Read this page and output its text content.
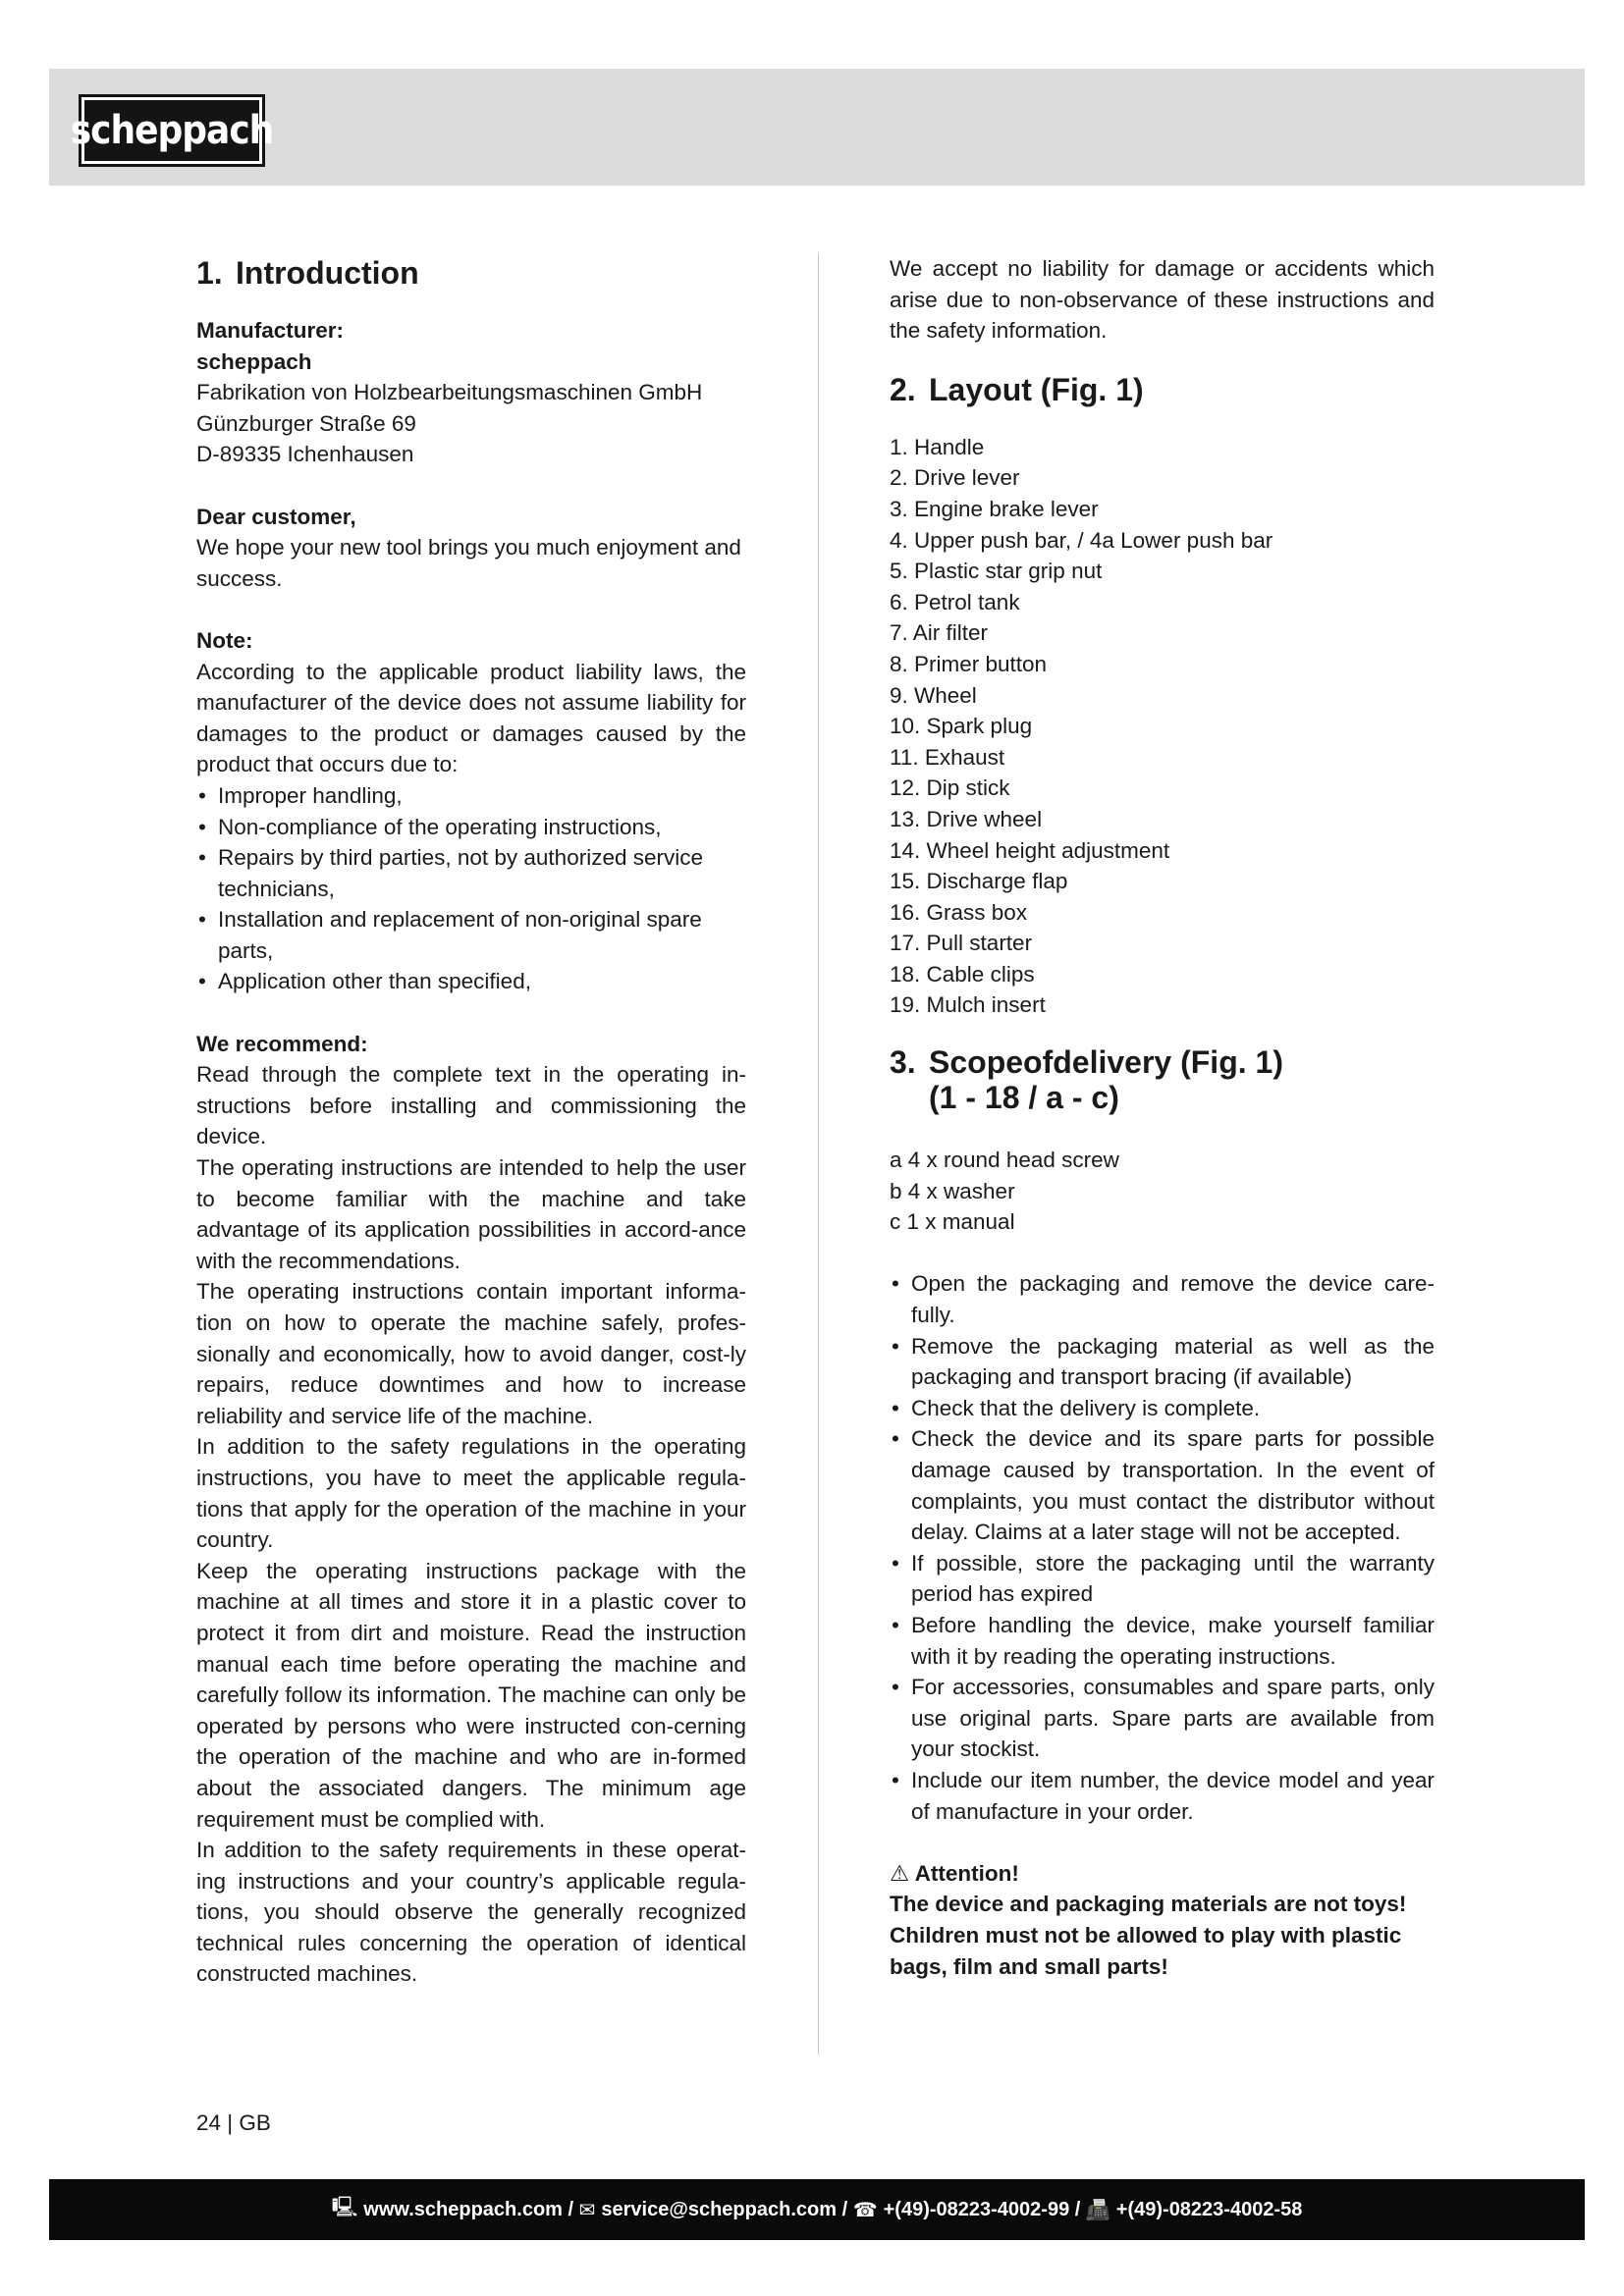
scheppach
1. Introduction

Manufacturer:

scheppach

Fabrikation von Holzbearbeitungsmaschinen GmbH

Günzburger Straße 69

D-89335 Ichenhausen

Dear customer,

We hope your new tool brings you much enjoyment and success.

Note:

According to the applicable product liability laws, the manufacturer of the device does not assume liability for damages to the product or damages caused by the product that occurs due to:

• Improper handling,
• Non-compliance of the operating instructions,
• Repairs by third parties, not by authorized service technicians,
• Installation and replacement of non-original spare parts,
• Application other than specified,

We recommend:

Read through the complete text in the operating in-structions before installing and commissioning the device.

The operating instructions are intended to help the user to become familiar with the machine and take advantage of its application possibilities in accord-ance with the recommendations.

The operating instructions contain important informa-tion on how to operate the machine safely, profes-sionally and economically, how to avoid danger, cost-ly repairs, reduce downtimes and how to increase reliability and service life of the machine.

In addition to the safety regulations in the operating instructions, you have to meet the applicable regula-tions that apply for the operation of the machine in your country.

Keep the operating instructions package with the machine at all times and store it in a plastic cover to protect it from dirt and moisture. Read the instruction manual each time before operating the machine and carefully follow its information. The machine can only be operated by persons who were instructed con-cerning the operation of the machine and who are in-formed about the associated dangers. The minimum age requirement must be complied with.

In addition to the safety requirements in these operat-ing instructions and your country’s applicable regula-tions, you should observe the generally recognized technical rules concerning the operation of identical constructed machines.

We accept no liability for damage or accidents which arise due to non-observance of these instructions and the safety information.

2. Layout (Fig. 1)
1. Handle
2. Drive lever
3. Engine brake lever
4. Upper push bar, / 4a Lower push bar
5. Plastic star grip nut
6. Petrol tank
7. Air filter
8. Primer button
9. Wheel
10. Spark plug
11. Exhaust
12. Dip stick
13. Drive wheel
14. Wheel height adjustment
15. Discharge flap
16. Grass box
17. Pull starter
18. Cable clips
19. Mulch insert
3. Scopeofdelivery (Fig. 1)
(1 - 18 / a - c)

a 4 x round head screw

b 4 x washer

c 1 x manual

• Open the packaging and remove the device care-fully.
• Remove the packaging material as well as the packaging and transport bracing (if available)
• Check that the delivery is complete.
• Check the device and its spare parts for possible damage caused by transportation. In the event of complaints, you must contact the distributor without delay. Claims at a later stage will not be accepted.
• If possible, store the packaging until the warranty period has expired
• Before handling the device, make yourself familiar with it by reading the operating instructions.
• For accessories, consumables and spare parts, only use original parts. Spare parts are available from your stockist.
• Include our item number, the device model and year of manufacture in your order.

⚠ Attention!

The device and packaging materials are not toys! Children must not be allowed to play with plastic bags, film and small parts!

24 | GB
🖳 www.scheppach.com / ✉ service@scheppach.com / ☎ +(49)-08223-4002-99 / 📠 +(49)-08223-4002-58
